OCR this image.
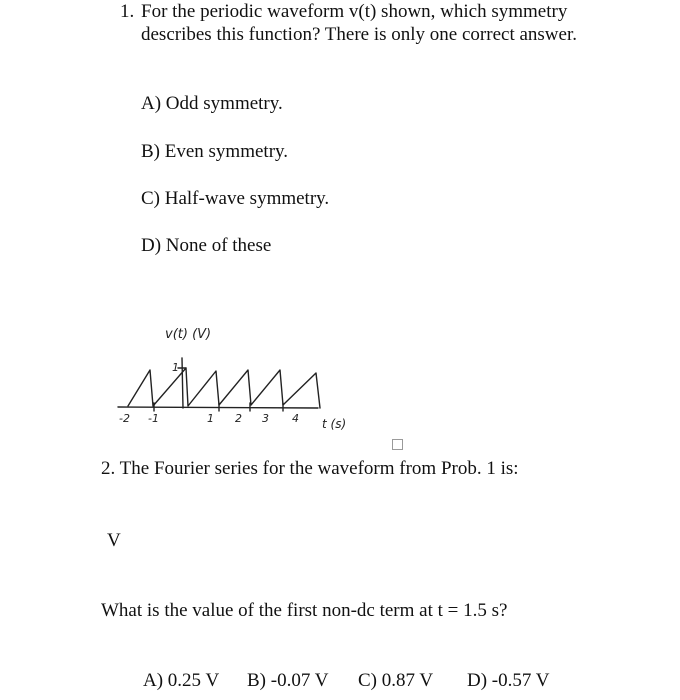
1. For the periodic waveform v(t) shown, which symmetry describes this function? There is only one correct answer.
A) Odd symmetry.
B) Even symmetry.
C) Half-wave symmetry.
D) None of these
v(t) (V)
1
t (s)
-2 -1	1 2 3 4
2. The Fourier series for the waveform from Prob. 1 is:
V
What is the value of the first non-dc term at t = 1.5 s?
A) 0.25 V B) -0.07 V C) 0.87 V D) -0.57 V
